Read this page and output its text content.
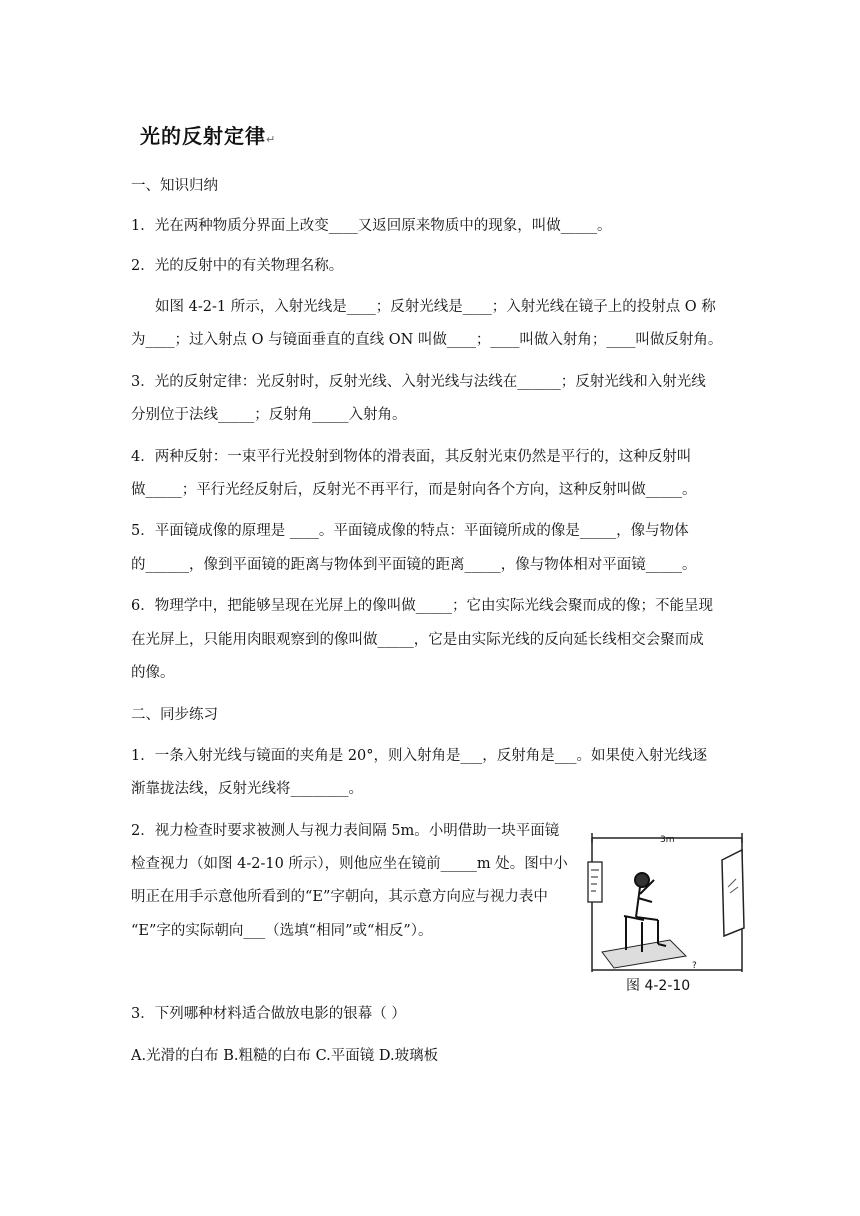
光的反射定律↵
一、知识归纳
1．光在两种物质分界面上改变____又返回原来物质中的现象，叫做_____。
2．光的反射中的有关物理名称。
如图 4-2-1 所示，入射光线是____；反射光线是____；入射光线在镜子上的投射点 O 称
为____；过入射点 O 与镜面垂直的直线 ON 叫做____；____叫做入射角；____叫做反射角。
3．光的反射定律：光反射时，反射光线、入射光线与法线在______；反射光线和入射光线
分别位于法线_____；反射角_____入射角。
4．两种反射：一束平行光投射到物体的滑表面，其反射光束仍然是平行的，这种反射叫
做_____；平行光经反射后，反射光不再平行，而是射向各个方向，这种反射叫做_____。
5．平面镜成像的原理是 ____。平面镜成像的特点：平面镜所成的像是_____，像与物体
的______，像到平面镜的距离与物体到平面镜的距离_____，像与物体相对平面镜_____。
6．物理学中，把能够呈现在光屏上的像叫做_____；它由实际光线会聚而成的像；不能呈现
在光屏上，只能用肉眼观察到的像叫做_____，它是由实际光线的反向延长线相交会聚而成
的像。
二、同步练习
1．一条入射光线与镜面的夹角是 20°，则入射角是___，反射角是___。如果使入射光线逐
渐靠拢法线，反射光线将________。
2．视力检查时要求被测人与视力表间隔 5m。小明借助一块平面镜
检查视力（如图 4-2-10 所示），则他应坐在镜前_____m 处。图中小
明正在用手示意他所看到的“E”字朝向，其示意方向应与视力表中
“E”字的实际朝向___（选填“相同”或“相反”）。
3．下列哪种材料适合做放电影的银幕（ ）
A.光滑的白布 B.粗糙的白布 C.平面镜 D.玻璃板
3m
?
图 4-2-10
